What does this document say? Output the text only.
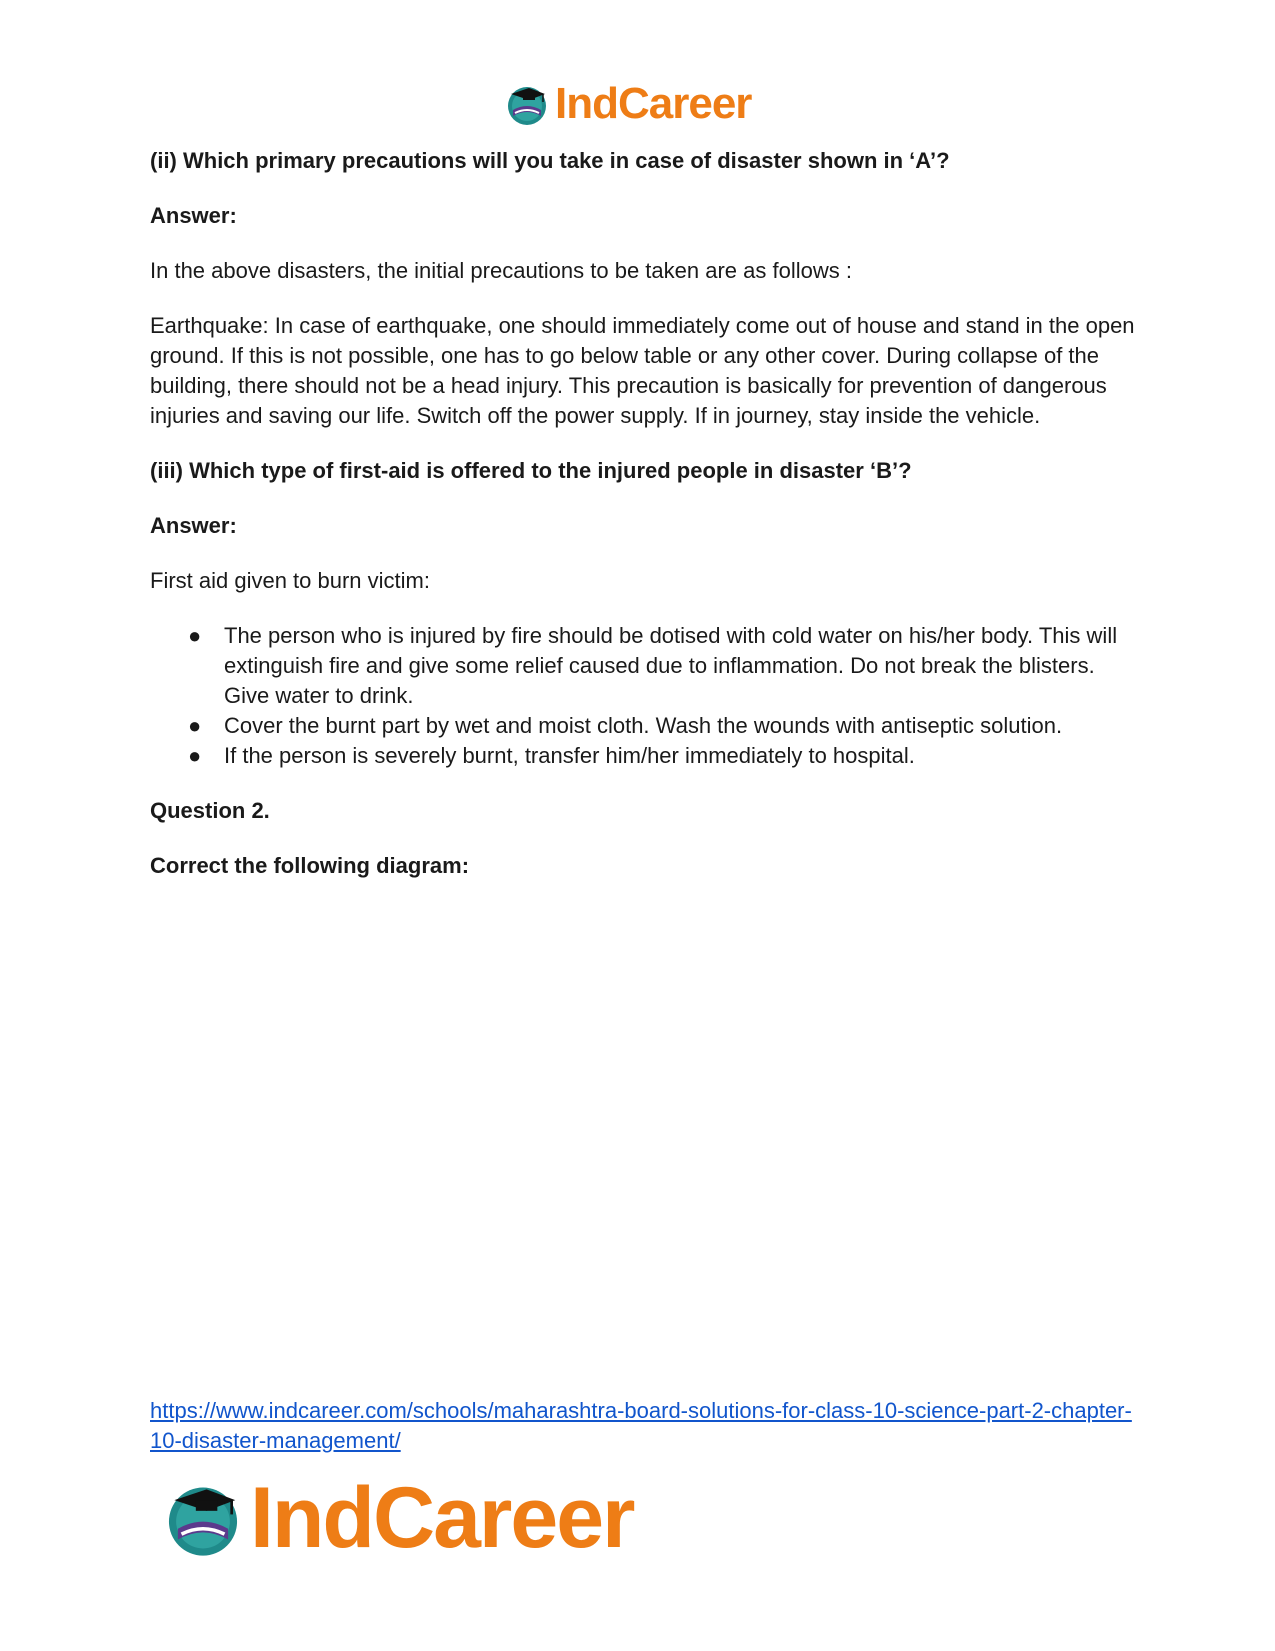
IndCareer

(ii) Which primary precautions will you take in case of disaster shown in ‘A’?

Answer:

In the above disasters, the initial precautions to be taken are as follows :

Earthquake: In case of earthquake, one should immediately come out of house and stand in the open ground. If this is not possible, one has to go below table or any other cover. During collapse of the building, there should not be a head injury. This precaution is basically for prevention of dangerous injuries and saving our life. Switch off the power supply. If in journey, stay inside the vehicle.

(iii) Which type of first-aid is offered to the injured people in disaster ‘B’?

Answer:

First aid given to burn victim:

● The person who is injured by fire should be dotised with cold water on his/her body. This will extinguish fire and give some relief caused due to inflammation. Do not break the blisters. Give water to drink.
● Cover the burnt part by wet and moist cloth. Wash the wounds with antiseptic solution.
● If the person is severely burnt, transfer him/her immediately to hospital.

Question 2.

Correct the following diagram:

https://www.indcareer.com/schools/maharashtra-board-solutions-for-class-10-science-part-2-chapter-10-disaster-management/
IndCareer
